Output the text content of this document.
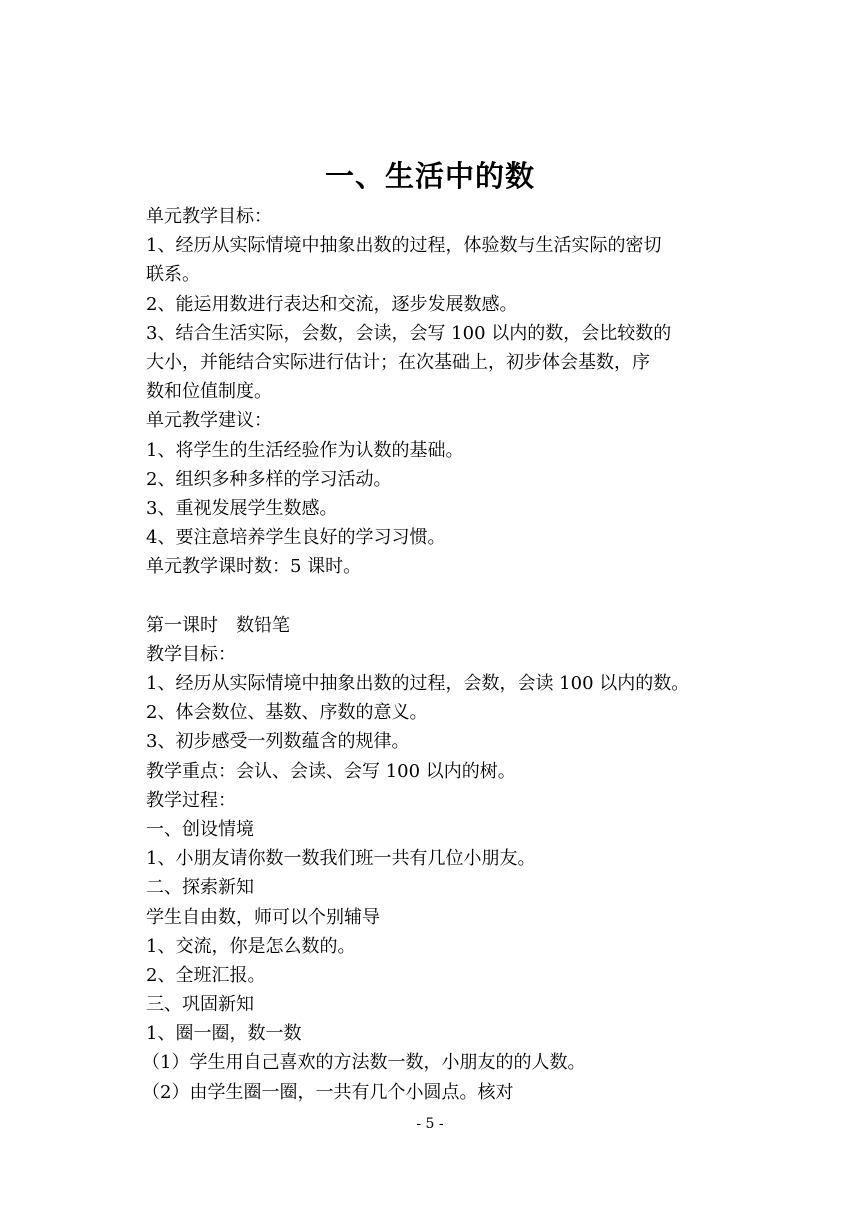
一、生活中的数
单元教学目标：
1、经历从实际情境中抽象出数的过程，体验数与生活实际的密切
联系。
2、能运用数进行表达和交流，逐步发展数感。
3、结合生活实际，会数，会读，会写 100 以内的数，会比较数的
大小，并能结合实际进行估计；在次基础上，初步体会基数，序
数和位值制度。
单元教学建议：
1、将学生的生活经验作为认数的基础。
2、组织多种多样的学习活动。
3、重视发展学生数感。
4、要注意培养学生良好的学习习惯。
单元教学课时数：5 课时。
第一课时　数铅笔
教学目标：
1、经历从实际情境中抽象出数的过程，会数，会读 100 以内的数。
2、体会数位、基数、序数的意义。
3、初步感受一列数蕴含的规律。
教学重点：会认、会读、会写 100 以内的树。
教学过程：
一、创设情境
1、小朋友请你数一数我们班一共有几位小朋友。
二、探索新知
学生自由数，师可以个别辅导
1、交流，你是怎么数的。
2、全班汇报。
三、巩固新知
1、圈一圈，数一数
（1）学生用自己喜欢的方法数一数，小朋友的的人数。
（2）由学生圈一圈，一共有几个小圆点。核对
- 5 -
